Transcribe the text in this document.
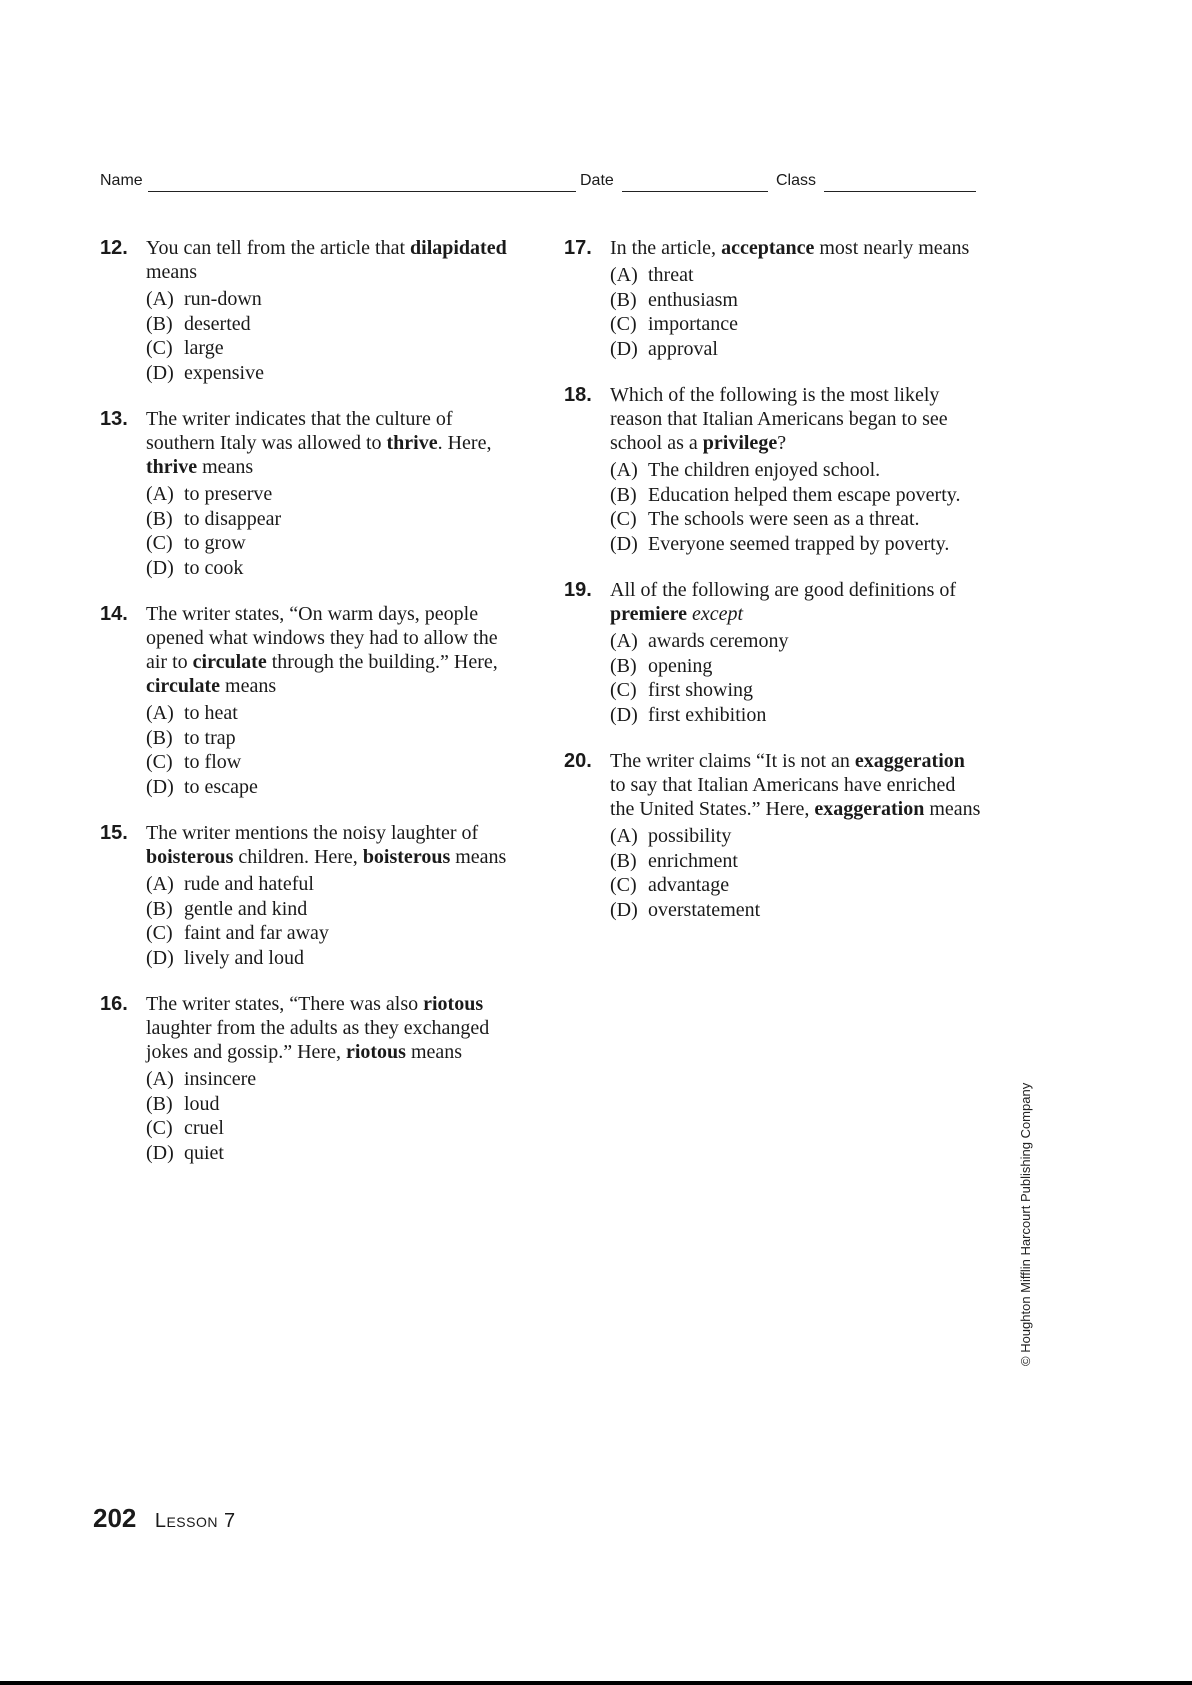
Name	Date	Class
12. You can tell from the article that dilapidated means
(A) run-down
(B) deserted
(C) large
(D) expensive
13. The writer indicates that the culture of southern Italy was allowed to thrive. Here, thrive means
(A) to preserve
(B) to disappear
(C) to grow
(D) to cook
14. The writer states, “On warm days, people opened what windows they had to allow the air to circulate through the building.” Here, circulate means
(A) to heat
(B) to trap
(C) to flow
(D) to escape
15. The writer mentions the noisy laughter of boisterous children. Here, boisterous means
(A) rude and hateful
(B) gentle and kind
(C) faint and far away
(D) lively and loud
16. The writer states, “There was also riotous laughter from the adults as they exchanged jokes and gossip.” Here, riotous means
(A) insincere
(B) loud
(C) cruel
(D) quiet
17. In the article, acceptance most nearly means
(A) threat
(B) enthusiasm
(C) importance
(D) approval
18. Which of the following is the most likely reason that Italian Americans began to see school as a privilege?
(A) The children enjoyed school.
(B) Education helped them escape poverty.
(C) The schools were seen as a threat.
(D) Everyone seemed trapped by poverty.
19. All of the following are good definitions of premiere except
(A) awards ceremony
(B) opening
(C) first showing
(D) first exhibition
20. The writer claims “It is not an exaggeration to say that Italian Americans have enriched the United States.” Here, exaggeration means
(A) possibility
(B) enrichment
(C) advantage
(D) overstatement
© Houghton Mifflin Harcourt Publishing Company
202 Lesson 7
